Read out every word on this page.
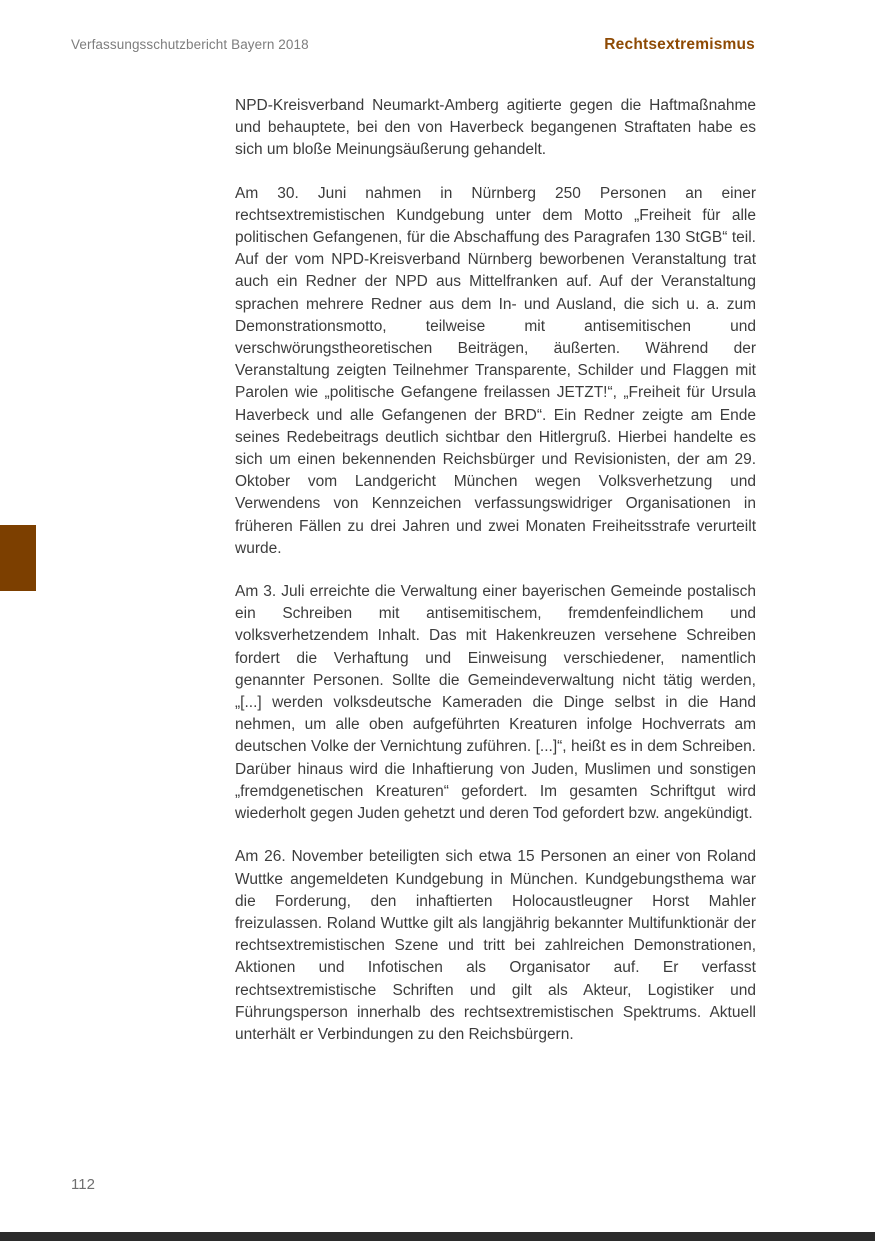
Verfassungsschutzbericht Bayern 2018	Rechtsextremismus

NPD-Kreisverband Neumarkt-Amberg agitierte gegen die Haftmaßnahme und behauptete, bei den von Haverbeck begangenen Straftaten habe es sich um bloße Meinungsäußerung gehandelt.

Am 30. Juni nahmen in Nürnberg 250 Personen an einer rechtsextremistischen Kundgebung unter dem Motto „Freiheit für alle politischen Gefangenen, für die Abschaffung des Paragrafen 130 StGB“ teil. Auf der vom NPD-Kreisverband Nürnberg beworbenen Veranstaltung trat auch ein Redner der NPD aus Mittelfranken auf. Auf der Veranstaltung sprachen mehrere Redner aus dem In- und Ausland, die sich u. a. zum Demonstrationsmotto, teilweise mit antisemitischen und verschwörungstheoretischen Beiträgen, äußerten. Während der Veranstaltung zeigten Teilnehmer Transparente, Schilder und Flaggen mit Parolen wie „politische Gefangene freilassen JETZT!“, „Freiheit für Ursula Haverbeck und alle Gefangenen der BRD“. Ein Redner zeigte am Ende seines Redebeitrags deutlich sichtbar den Hitlergruß. Hierbei handelte es sich um einen bekennenden Reichsbürger und Revisionisten, der am 29. Oktober vom Landgericht München wegen Volksverhetzung und Verwendens von Kennzeichen verfassungswidriger Organisationen in früheren Fällen zu drei Jahren und zwei Monaten Freiheitsstrafe verurteilt wurde.

Am 3. Juli erreichte die Verwaltung einer bayerischen Gemeinde postalisch ein Schreiben mit antisemitischem, fremdenfeindlichem und volksverhetzendem Inhalt. Das mit Hakenkreuzen versehene Schreiben fordert die Verhaftung und Einweisung verschiedener, namentlich genannter Personen. Sollte die Gemeindeverwaltung nicht tätig werden, „[...] werden volksdeutsche Kameraden die Dinge selbst in die Hand nehmen, um alle oben aufgeführten Kreaturen infolge Hochverrats am deutschen Volke der Vernichtung zuführen. [...]“, heißt es in dem Schreiben. Darüber hinaus wird die Inhaftierung von Juden, Muslimen und sonstigen „fremdgenetischen Kreaturen“ gefordert. Im gesamten Schriftgut wird wiederholt gegen Juden gehetzt und deren Tod gefordert bzw. angekündigt.

Am 26. November beteiligten sich etwa 15 Personen an einer von Roland Wuttke angemeldeten Kundgebung in München. Kundgebungsthema war die Forderung, den inhaftierten Holocaustleugner Horst Mahler freizulassen. Roland Wuttke gilt als langjährig bekannter Multifunktionär der rechtsextremistischen Szene und tritt bei zahlreichen Demonstrationen, Aktionen und Infotischen als Organisator auf. Er verfasst rechtsextremistische Schriften und gilt als Akteur, Logistiker und Führungsperson innerhalb des rechtsextremistischen Spektrums. Aktuell unterhält er Verbindungen zu den Reichsbürgern.

112
